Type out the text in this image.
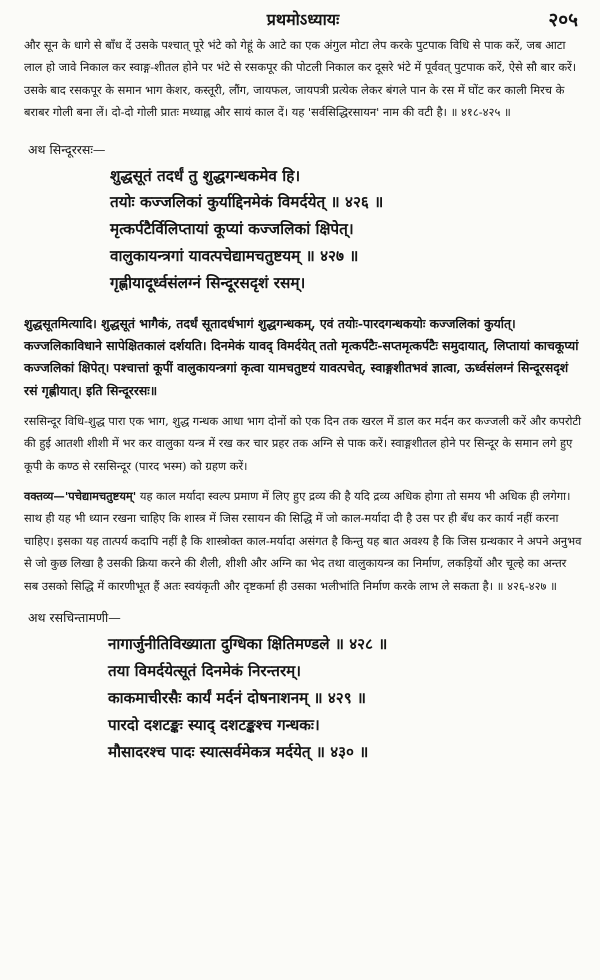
प्रथमोऽध्यायः	२०५

और सून के धागे से बाँध दें उसके पश्चात् पूरे भंटे को गेहूं के आटे का एक अंगुल मोटा लेप करके पुटपाक विधि से पाक करें, जब आटा लाल हो जावे निकाल कर स्वाङ्ग-शीतल होने पर भंटे से रसकपूर की पोटली निकाल कर दूसरे भंटे में पूर्ववत् पुटपाक करें, ऐसे सौ बार करें। उसके बाद रसकपूर के समान भाग केशर, कस्तूरी, लौंग, जायफल, जायपत्री प्रत्येक लेकर बंगले पान के रस में घोंट कर काली मिरच के बराबर गोली बना लें। दो-दो गोली प्रातः मध्याह्न और सायं काल दें। यह 'सर्वसिद्धिरसायन' नाम की वटी है। ॥ ४१८-४२५ ॥

अथ सिन्दूररसः—
शुद्धसूतं तदर्धं तु शुद्धगन्धकमेव हि।
तयोः कज्जलिकां कुर्याद्दिनमेकं विमर्दयेत् ॥ ४२६ ॥
मृत्कर्पटैर्विलिप्तायां कूप्यां कज्जलिकां क्षिपेत्।
वालुकायन्त्रगां यावत्पचेद्यामचतुष्टयम् ॥ ४२७ ॥
गृह्णीयादूर्ध्वसंलग्नं सिन्दूरसदृशं रसम्।

शुद्धसूतमित्यादि। शुद्धसूतं भागैकं, तदर्धं सूतादर्धभागं शुद्धगन्धकम्, एवं तयोः-पारदगन्धकयोः कज्जलिकां कुर्यात्। कज्जलिकाविधाने सापेक्षितकालं दर्शयति। दिनमेकं यावद् विमर्दयेत् ततो मृत्कर्पटैः-सप्तमृत्कर्पटैः समुदायात्, लिप्तायां काचकूप्यां कज्जलिकां क्षिपेत्। पश्चात्तां कूपीं वालुकायन्त्रगां कृत्वा यामचतुष्टयं यावत्पचेत्, स्वाङ्गशीतभवं ज्ञात्वा, ऊर्ध्वसंलग्नं सिन्दूरसदृशं रसं गृह्णीयात्। इति सिन्दूररसः॥

रससिन्दूर विधि-शुद्ध पारा एक भाग, शुद्ध गन्धक आधा भाग दोनों को एक दिन तक खरल में डाल कर मर्दन कर कज्जली करें और कपरोटी की हुई आतशी शीशी में भर कर वालुका यन्त्र में रख कर चार प्रहर तक अग्नि से पाक करें। स्वाङ्गशीतल होने पर सिन्दूर के समान लगे हुए कूपी के कण्ठ से रससिन्दूर (पारद भस्म) को ग्रहण करें।

वक्तव्य—'पचेद्यामचतुष्टयम्' यह काल मर्यादा स्वल्प प्रमाण में लिए हुए द्रव्य की है यदि द्रव्य अधिक होगा तो समय भी अधिक ही लगेगा। साथ ही यह भी ध्यान रखना चाहिए कि शास्त्र में जिस रसायन की सिद्धि में जो काल-मर्यादा दी है उस पर ही बँध कर कार्य नहीं करना चाहिए। इसका यह तात्पर्य कदापि नहीं है कि शास्त्रोक्त काल-मर्यादा असंगत है किन्तु यह बात अवश्य है कि जिस ग्रन्थकार ने अपने अनुभव से जो कुछ लिखा है उसकी क्रिया करने की शैली, शीशी और अग्नि का भेद तथा वालुकायन्त्र का निर्माण, लकड़ियों और चूल्हे का अन्तर सब उसको सिद्धि में कारणीभूत हैं अतः स्वयंकृती और दृष्टकर्मा ही उसका भलीभांति निर्माण करके लाभ ले सकता है। ॥ ४२६-४२७ ॥

अथ रसचिन्तामणी—
नागार्जुनीतिविख्याता दुग्धिका क्षितिमण्डले ॥ ४२८ ॥
तया विमर्दयेत्सूतं दिनमेकं निरन्तरम्।
काकमाचीरसैः कार्यं मर्दनं दोषनाशनम् ॥ ४२९ ॥
पारदो दशटङ्कः स्याद् दशटङ्कश्च गन्धकः।
मौसादरश्च पादः स्यात्सर्वमेकत्र मर्दयेत् ॥ ४३० ॥
